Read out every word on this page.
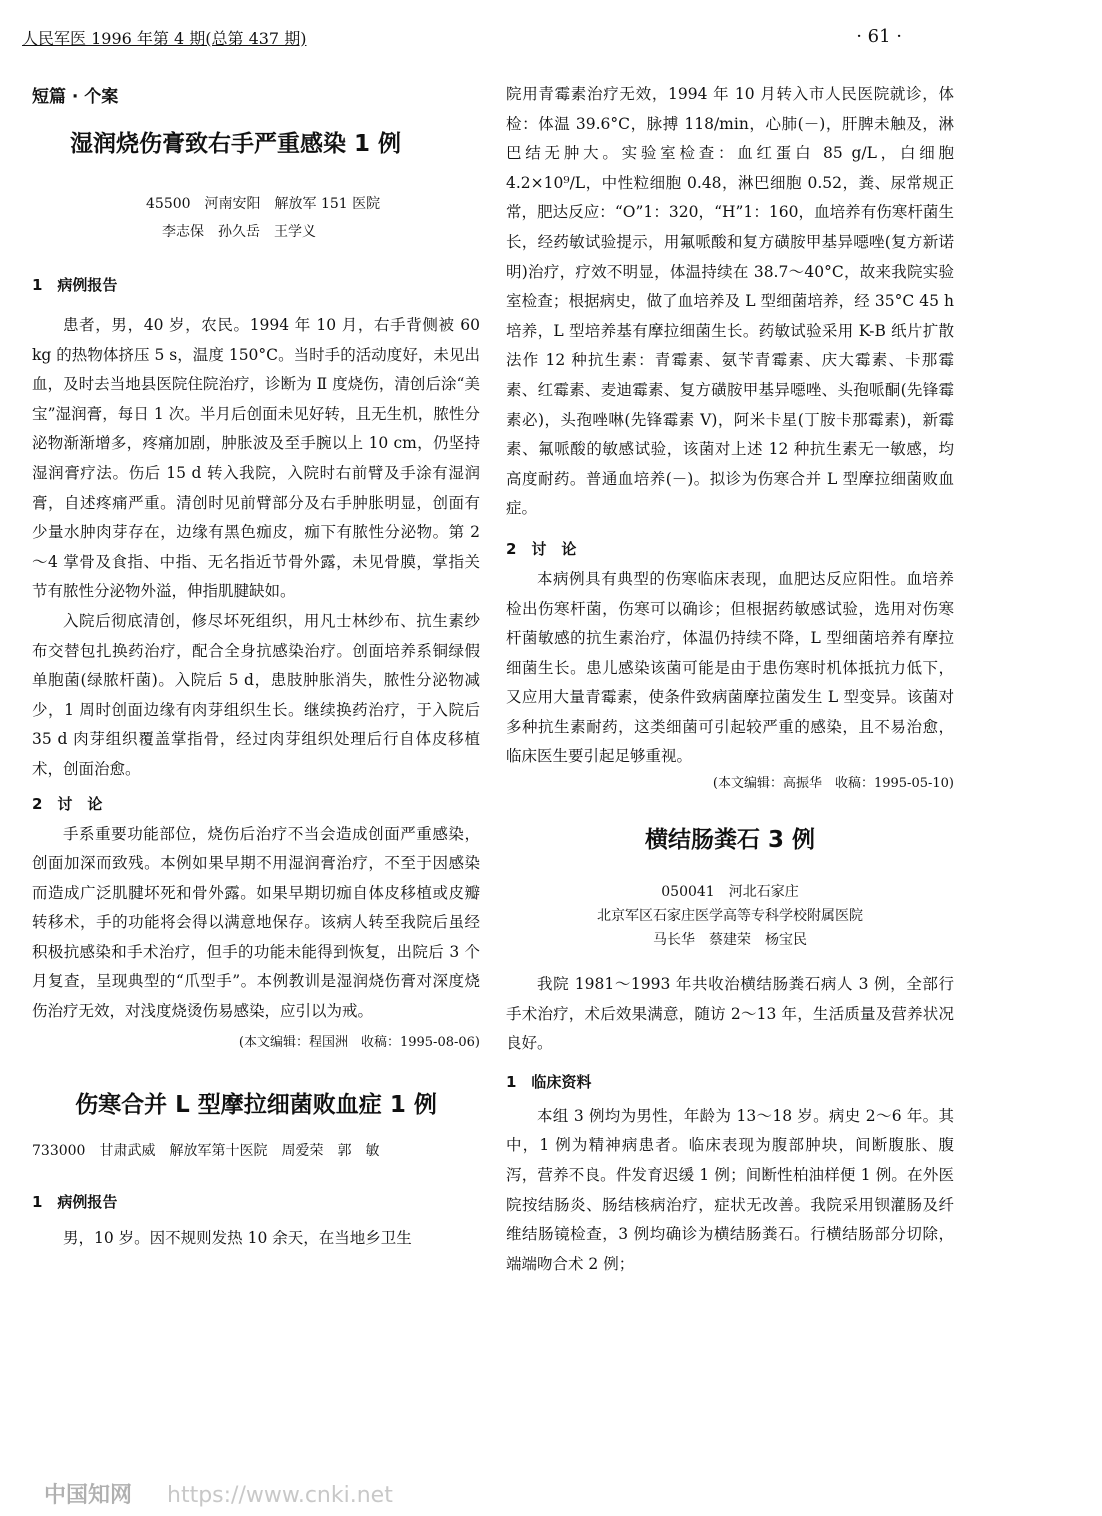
人民军医 1996 年第 4 期(总第 437 期)	· 61 ·
短篇 · 个案
湿润烧伤膏致右手严重感染 1 例
45500　河南安阳　解放军 151 医院
李志保　孙久岳　王学义
1　病例报告

患者，男，40 岁，农民。1994 年 10 月，右手背侧被 60 kg 的热物体挤压 5 s，温度 150°C。当时手的活动度好，未见出血，及时去当地县医院住院治疗，诊断为 Ⅱ 度烧伤，清创后涂“美宝”湿润膏，每日 1 次。半月后创面未见好转，且无生机，脓性分泌物渐渐增多，疼痛加剧，肿胀波及至手腕以上 10 cm，仍坚持湿润膏疗法。伤后 15 d 转入我院，入院时右前臂及手涂有湿润膏，自述疼痛严重。清创时见前臂部分及右手肿胀明显，创面有少量水肿肉芽存在，边缘有黑色痂皮，痂下有脓性分泌物。第 2～4 掌骨及食指、中指、无名指近节骨外露，未见骨膜，掌指关节有脓性分泌物外溢，伸指肌腱缺如。

入院后彻底清创，修尽坏死组织，用凡士林纱布、抗生素纱布交替包扎换药治疗，配合全身抗感染治疗。创面培养系铜绿假单胞菌(绿脓杆菌)。入院后 5 d，患肢肿胀消失，脓性分泌物减少，1 周时创面边缘有肉芽组织生长。继续换药治疗，于入院后 35 d 肉芽组织覆盖掌指骨，经过肉芽组织处理后行自体皮移植术，创面治愈。

2　讨　论

手系重要功能部位，烧伤后治疗不当会造成创面严重感染，创面加深而致残。本例如果早期不用湿润膏治疗，不至于因感染而造成广泛肌腱坏死和骨外露。如果早期切痂自体皮移植或皮瓣转移术，手的功能将会得以满意地保存。该病人转至我院后虽经积极抗感染和手术治疗，但手的功能未能得到恢复，出院后 3 个月复查，呈现典型的“爪型手”。本例教训是湿润烧伤膏对深度烧伤治疗无效，对浅度烧烫伤易感染，应引以为戒。

(本文编辑：程国洲　收稿：1995-08-06)
伤寒合并 L 型摩拉细菌败血症 1 例
733000　甘肃武威　解放军第十医院　周爱荣　郭　敏
1　病例报告

男，10 岁。因不规则发热 10 余天，在当地乡卫生

院用青霉素治疗无效，1994 年 10 月转入市人民医院就诊，体检：体温 39.6°C，脉搏 118/min，心肺(－)，肝脾未触及，淋巴结无肿大。实验室检查：血红蛋白 85 g/L，白细胞 4.2×10⁹/L，中性粒细胞 0.48，淋巴细胞 0.52，粪、尿常规正常，肥达反应：“O”1：320，“H”1：160，血培养有伤寒杆菌生长，经药敏试验提示，用氟哌酸和复方磺胺甲基异噁唑(复方新诺明)治疗，疗效不明显，体温持续在 38.7～40°C，故来我院实验室检查；根据病史，做了血培养及 L 型细菌培养，经 35°C 45 h 培养，L 型培养基有摩拉细菌生长。药敏试验采用 K-B 纸片扩散法作 12 种抗生素：青霉素、氨苄青霉素、庆大霉素、卡那霉素、红霉素、麦迪霉素、复方磺胺甲基异噁唑、头孢哌酮(先锋霉素必)，头孢唑啉(先锋霉素 V)，阿米卡星(丁胺卡那霉素)，新霉素、氟哌酸的敏感试验，该菌对上述 12 种抗生素无一敏感，均高度耐药。普通血培养(－)。拟诊为伤寒合并 L 型摩拉细菌败血症。

2　讨　论

本病例具有典型的伤寒临床表现，血肥达反应阳性。血培养检出伤寒杆菌，伤寒可以确诊；但根据药敏感试验，选用对伤寒杆菌敏感的抗生素治疗，体温仍持续不降，L 型细菌培养有摩拉细菌生长。患儿感染该菌可能是由于患伤寒时机体抵抗力低下，又应用大量青霉素，使条件致病菌摩拉菌发生 L 型变异。该菌对多种抗生素耐药，这类细菌可引起较严重的感染，且不易治愈，临床医生要引起足够重视。

(本文编辑：高振华　收稿：1995-05-10)
横结肠粪石 3 例
050041　河北石家庄
北京军区石家庄医学高等专科学校附属医院
马长华　蔡建荣　杨宝民

我院 1981～1993 年共收治横结肠粪石病人 3 例，全部行手术治疗，术后效果满意，随访 2～13 年，生活质量及营养状况良好。

1　临床资料

本组 3 例均为男性，年龄为 13～18 岁。病史 2～6 年。其中，1 例为精神病患者。临床表现为腹部肿块，间断腹胀、腹泻，营养不良。件发育迟缓 1 例；间断性柏油样便 1 例。在外医院按结肠炎、肠结核病治疗，症状无改善。我院采用钡灌肠及纤维结肠镜检查，3 例均确诊为横结肠粪石。行横结肠部分切除，端端吻合术 2 例；

中国知网 https://www.cnki.net
